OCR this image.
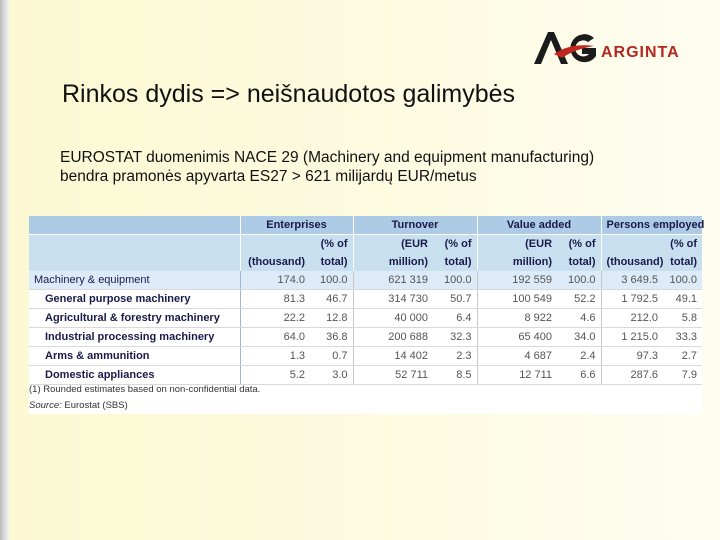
ARGINTA
Rinkos dydis => neišnaudotos galimybės
EUROSTAT duomenimis NACE 29 (Machinery and equipment manufacturing)
bendra pramonės apyvarta ES27 > 621 milijardų EUR/metus
	Enterprises		Turnover		Value added		Persons employed	
		(% of	(EUR	(% of	(EUR	(% of		(% of
	(thousand)	total)	million)	total)	million)	total)	(thousand)	total)
Machinery & equipment	174.0	100.0	621 319	100.0	192 559	100.0	3 649.5	100.0
General purpose machinery	81.3	46.7	314 730	50.7	100 549	52.2	1 792.5	49.1
Agricultural & forestry machinery	22.2	12.8	40 000	6.4	8 922	4.6	212.0	5.8
Industrial processing machinery	64.0	36.8	200 688	32.3	65 400	34.0	1 215.0	33.3
Arms & ammunition	1.3	0.7	14 402	2.3	4 687	2.4	97.3	2.7
Domestic appliances	5.2	3.0	52 711	8.5	12 711	6.6	287.6	7.9
(1) Rounded estimates based on non-confidential data.
Source: Eurostat (SBS)
